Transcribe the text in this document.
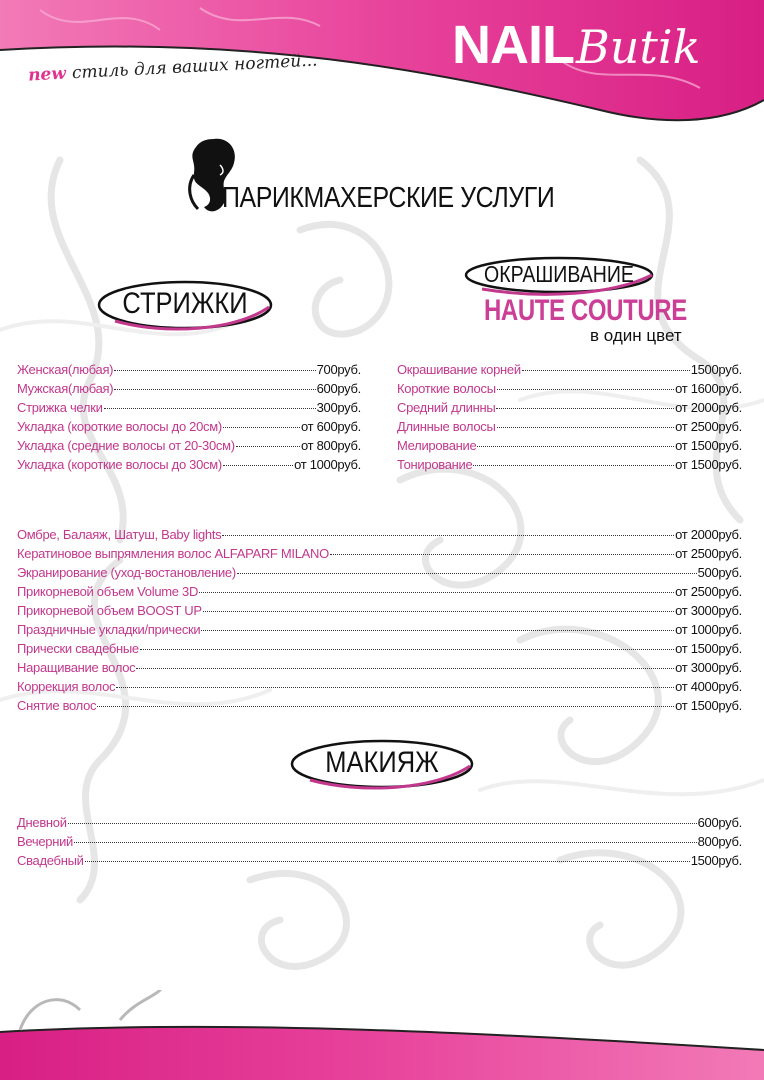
new стиль для ваших ногтей... NAILButik
ПАРИКМАХЕРСКИЕ УСЛУГИ
СТРИЖКИ
ОКРАШИВАНИЕ
HAUTE COUTURE
в один цвет
Женская(любая)	700руб.
Мужская(любая)	600руб.
Стрижка челки	300руб.
Укладка (короткие волосы до 20см)	от 600руб.
Укладка (средние волосы от 20-30см)	от 800руб.
Укладка (короткие волосы до 30см)	от 1000руб.
Окрашивание корней	1500руб.
Короткие волосы	от 1600руб.
Средний длинны	от 2000руб.
Длинные волосы	от 2500руб.
Мелирование	от 1500руб.
Тонирование	от 1500руб.
Омбре, Балаяж, Шатуш, Baby lights	от 2000руб.
Кератиновое выпрямления волос ALFAPARF MILANO	от 2500руб.
Экранирование (уход-востановление)	500руб.
Прикорневой объем Volume 3D	от 2500руб.
Прикорневой объем BOOST UP	от 3000руб.
Праздничные укладки/прически	от 1000руб.
Прически свадебные	от 1500руб.
Наращивание волос	от 3000руб.
Коррекция волос	от 4000руб.
Снятие волос	от 1500руб.
МАКИЯЖ
Дневной	600руб.
Вечерний	800руб.
Свадебный	1500руб.
